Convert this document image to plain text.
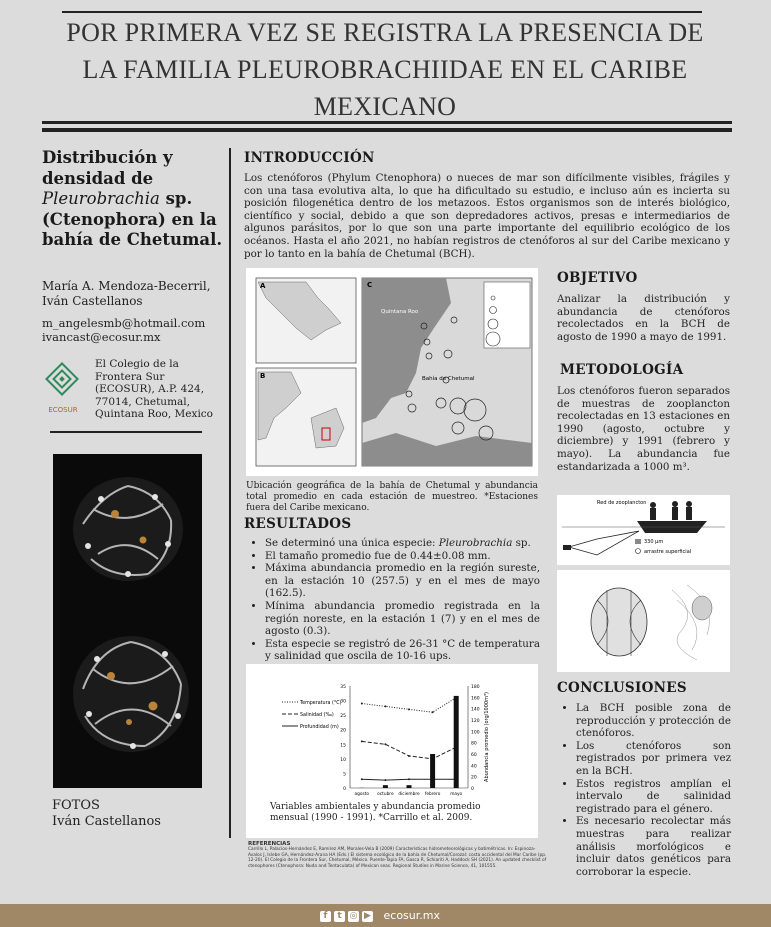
POR PRIMERA VEZ SE REGISTRA LA PRESENCIA DE LA FAMILIA PLEUROBRACHIIDAE EN EL CARIBE MEXICANO
Distribución y densidad de Pleurobrachia sp. (Ctenophora) en la bahía de Chetumal.
María A. Mendoza-Becerril,
Iván Castellanos
m_angelesmb@hotmail.com
ivancast@ecosur.mx
ECOSUR
El Colegio de la Frontera Sur (ECOSUR), A.P. 424, 77014, Chetumal, Quintana Roo, Mexico
FOTOS
Iván Castellanos
INTRODUCCIÓN
Los ctenóforos (Phylum Ctenophora) o nueces de mar son difícilmente visibles, frágiles y con una tasa evolutiva alta, lo que ha dificultado su estudio, e incluso aún es incierta su posición filogenética dentro de los metazoos. Estos organismos son de interés biológico, científico y social, debido a que son depredadores activos, presas e intermediarios de algunos parásitos, por lo que son una parte importante del equilibrio ecológico de los océanos. Hasta el año 2021, no habían registros de ctenóforos al sur del Caribe mexicano y por lo tanto en la bahía de Chetumal (BCH).
A
B
C
Quintana Roo
Bahía de Chetumal
Ubicación geográfica de la bahía de Chetumal y abundancia total promedio en cada estación de muestreo. *Estaciones fuera del Caribe mexicano.
RESULTADOS
• Se determinó una única especie: Pleurobrachia sp.
• El tamaño promedio fue de 0.44±0.08 mm.
• Máxima abundancia promedio en la región sureste, en la estación 10 (257.5) y en el mes de mayo (162.5).
• Mínima abundancia promedio registrada en la región noreste, en la estación 1 (7) y en el mes de agosto (0.3).
• Esta especie se registró de 26-31 °C de temperatura y salinidad que oscila de 10-16 ups.
0
5
10
15
20
25
30
35
0
20
40
60
80
100
120
140
160
180
agosto octubre diciembre febrero mayo
Abundancia promedio (org/1000m³)
Temperatura (°C)
Salinidad (‰)
Profundidad (m)
Variables ambientales y abundancia promedio mensual (1990 - 1991). *Carrillo et al. 2009.
REFERENCIAS
Carrillo L, Palacios-Hernández E, Ramírez AM, Morales-Vela B (2009) Características hidrometeorológicas y batimétricas. In: Espinoza-Avalos J, Islebe GA, Hernández-Arana HA (Eds.) El sistema ecológico de la bahía de Chetumal/Corozal: costa occidental del Mar Caribe (pp. 12-20). El Colegio de la Frontera Sur, Chetumal, México. Puente-Tapia FA, Gasca R, Schiariti A, Haddock SH (2021). An updated checklist of ctenophores (Ctenophora: Nuda and Tentaculata) of Mexican seas. Regional Studies in Marine Science, 41, 101555.
OBJETIVO
Analizar la distribución y abundancia de ctenóforos recolectados en la BCH de agosto de 1990 a mayo de 1991.
METODOLOGÍA
Los ctenóforos fueron separados de muestras de zooplancton recolectadas en 13 estaciones en 1990 (agosto, octubre y diciembre) y 1991 (febrero y mayo). La abundancia fue estandarizada a 1000 m³.
Red de zooplancton
330 µm
arrastre superficial
CONCLUSIONES
• La BCH posible zona de reproducción y protección de ctenóforos.
• Los ctenóforos son registrados por primera vez en la BCH.
• Estos registros amplían el intervalo de salinidad registrado para el género.
• Es necesario recolectar más muestras para realizar análisis morfológicos e incluir datos genéticos para corroborar la especie.
f t ◎ ▶ ecosur.mx
